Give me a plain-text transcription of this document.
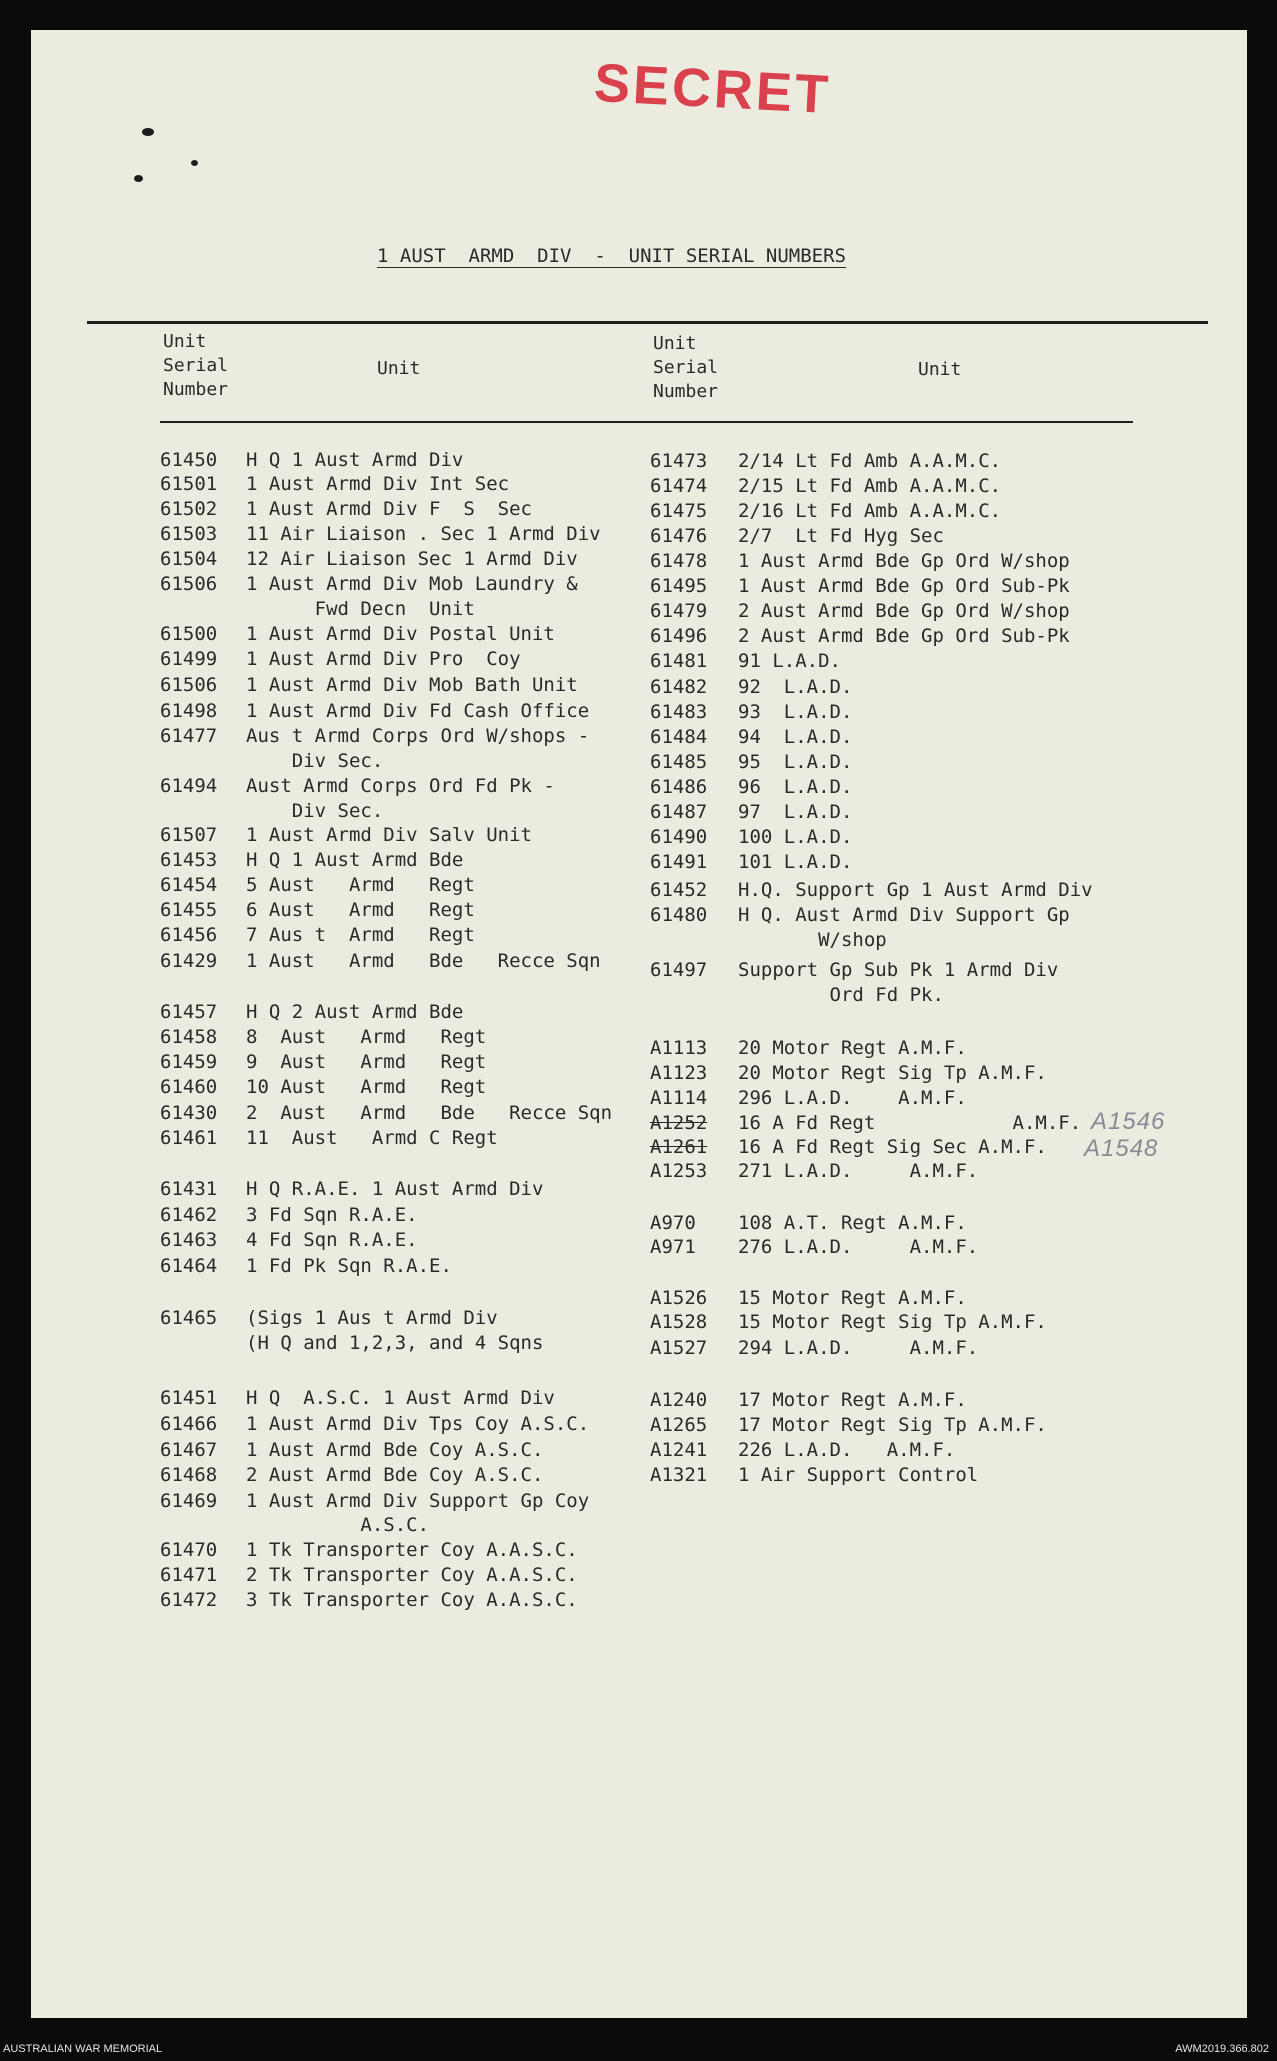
SECRET
1 AUST  ARMD  DIV  -  UNIT SERIAL NUMBERS
Unit
Serial
Number
Unit
Unit
Serial
Number
Unit
61450 H Q 1 Aust Armd Div
61501 1 Aust Armd Div Int Sec
61502 1 Aust Armd Div F  S  Sec
61503 11 Air Liaison . Sec 1 Armd Div
61504 12 Air Liaison Sec 1 Armd Div
61506 1 Aust Armd Div Mob Laundry &
Fwd Decn  Unit
61500 1 Aust Armd Div Postal Unit
61499 1 Aust Armd Div Pro  Coy
61506 1 Aust Armd Div Mob Bath Unit
61498 1 Aust Armd Div Fd Cash Office
61477 Aus t Armd Corps Ord W/shops -
Div Sec.
61494 Aust Armd Corps Ord Fd Pk -
Div Sec.
61507 1 Aust Armd Div Salv Unit
61453 H Q 1 Aust Armd Bde
61454 5 Aust   Armd   Regt
61455 6 Aust   Armd   Regt
61456 7 Aus t  Armd   Regt
61429 1 Aust   Armd   Bde   Recce Sqn
61457 H Q 2 Aust Armd Bde
61458 8  Aust   Armd   Regt
61459 9  Aust   Armd   Regt
61460 10 Aust   Armd   Regt
61430 2  Aust   Armd   Bde   Recce Sqn
61461 11  Aust   Armd C Regt
61431 H Q R.A.E. 1 Aust Armd Div
61462 3 Fd Sqn R.A.E.
61463 4 Fd Sqn R.A.E.
61464 1 Fd Pk Sqn R.A.E.
61465 (Sigs 1 Aus t Armd Div
(H Q and 1,2,3, and 4 Sqns
61451 H Q  A.S.C. 1 Aust Armd Div
61466 1 Aust Armd Div Tps Coy A.S.C.
61467 1 Aust Armd Bde Coy A.S.C.
61468 2 Aust Armd Bde Coy A.S.C.
61469 1 Aust Armd Div Support Gp Coy
A.S.C.
61470 1 Tk Transporter Coy A.A.S.C.
61471 2 Tk Transporter Coy A.A.S.C.
61472 3 Tk Transporter Coy A.A.S.C.
61473 2/14 Lt Fd Amb A.A.M.C.
61474 2/15 Lt Fd Amb A.A.M.C.
61475 2/16 Lt Fd Amb A.A.M.C.
61476 2/7  Lt Fd Hyg Sec
61478 1 Aust Armd Bde Gp Ord W/shop
61495 1 Aust Armd Bde Gp Ord Sub-Pk
61479 2 Aust Armd Bde Gp Ord W/shop
61496 2 Aust Armd Bde Gp Ord Sub-Pk
61481 91 L.A.D.
61482 92  L.A.D.
61483 93  L.A.D.
61484 94  L.A.D.
61485 95  L.A.D.
61486 96  L.A.D.
61487 97  L.A.D.
61490 100 L.A.D.
61491 101 L.A.D.
61452 H.Q. Support Gp 1 Aust Armd Div
61480 H Q. Aust Armd Div Support Gp
W/shop
61497 Support Gp Sub Pk 1 Armd Div
Ord Fd Pk.
A1113 20 Motor Regt A.M.F.
A1123 20 Motor Regt Sig Tp A.M.F.
A1114 296 L.A.D.    A.M.F.
A1252 16 A Fd Regt            A.M.F.
A1261 16 A Fd Regt Sig Sec A.M.F.
A1253 271 L.A.D.     A.M.F.
A970 108 A.T. Regt A.M.F.
A971 276 L.A.D.     A.M.F.
A1526 15 Motor Regt A.M.F.
A1528 15 Motor Regt Sig Tp A.M.F.
A1527 294 L.A.D.     A.M.F.
A1240 17 Motor Regt A.M.F.
A1265 17 Motor Regt Sig Tp A.M.F.
A1241 226 L.A.D.   A.M.F.
A1321 1 Air Support Control
A1546
A1548
AUSTRALIAN WAR MEMORIAL	AWM2019.366.802
